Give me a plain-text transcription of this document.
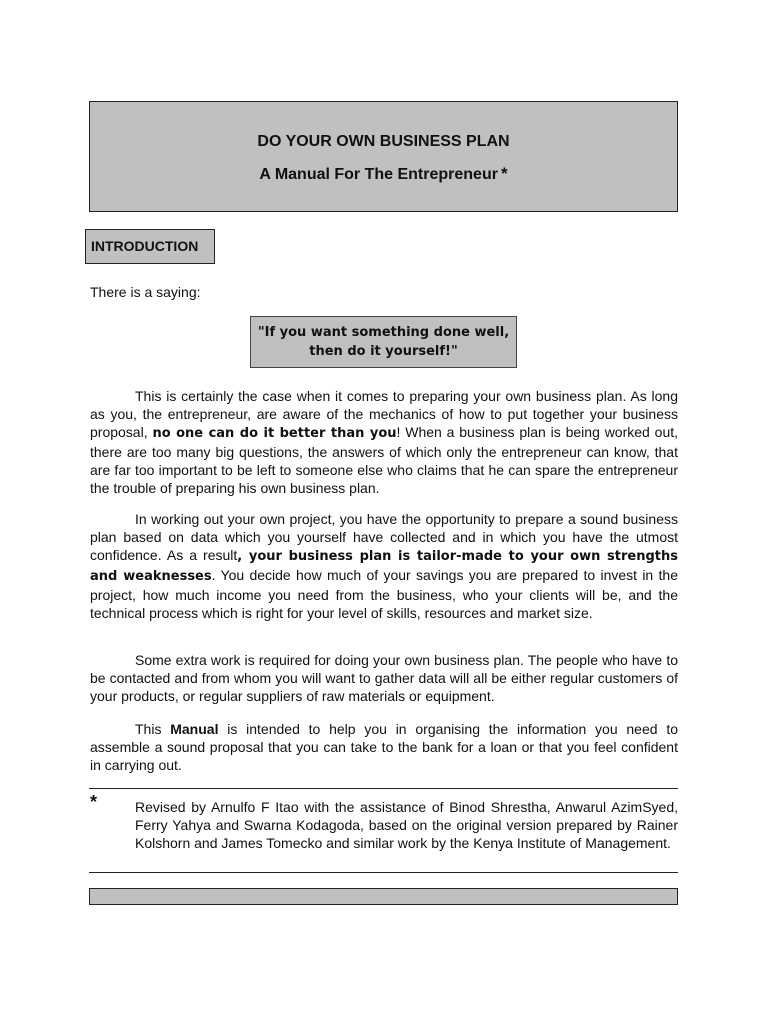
DO YOUR OWN BUSINESS PLAN
A Manual For The Entrepreneur *
INTRODUCTION
There is a saying:
"If you want something done well,
then do it yourself!"

This is certainly the case when it comes to preparing your own business plan. As long as you, the entrepreneur, are aware of the mechanics of how to put together your business proposal, no one can do it better than you! When a business plan is being worked out, there are too many big questions, the answers of which only the entrepreneur can know, that are far too important to be left to someone else who claims that he can spare the entrepreneur the trouble of preparing his own business plan.

In working out your own project, you have the opportunity to prepare a sound business plan based on data which you yourself have collected and in which you have the utmost confidence. As a result, your business plan is tailor-made to your own strengths and weaknesses. You decide how much of your savings you are prepared to invest in the project, how much income you need from the business, who your clients will be, and the technical process which is right for your level of skills, resources and market size.

Some extra work is required for doing your own business plan. The people who have to be contacted and from whom you will want to gather data will all be either regular customers of your products, or regular suppliers of raw materials or equipment.

This Manual is intended to help you in organising the information you need to assemble a sound proposal that you can take to the bank for a loan or that you feel confident in carrying out.

*	Revised by Arnulfo F Itao with the assistance of Binod Shrestha, Anwarul AzimSyed, Ferry Yahya and Swarna Kodagoda, based on the original version prepared by Rainer Kolshorn and James Tomecko and similar work by the Kenya Institute of Management.
